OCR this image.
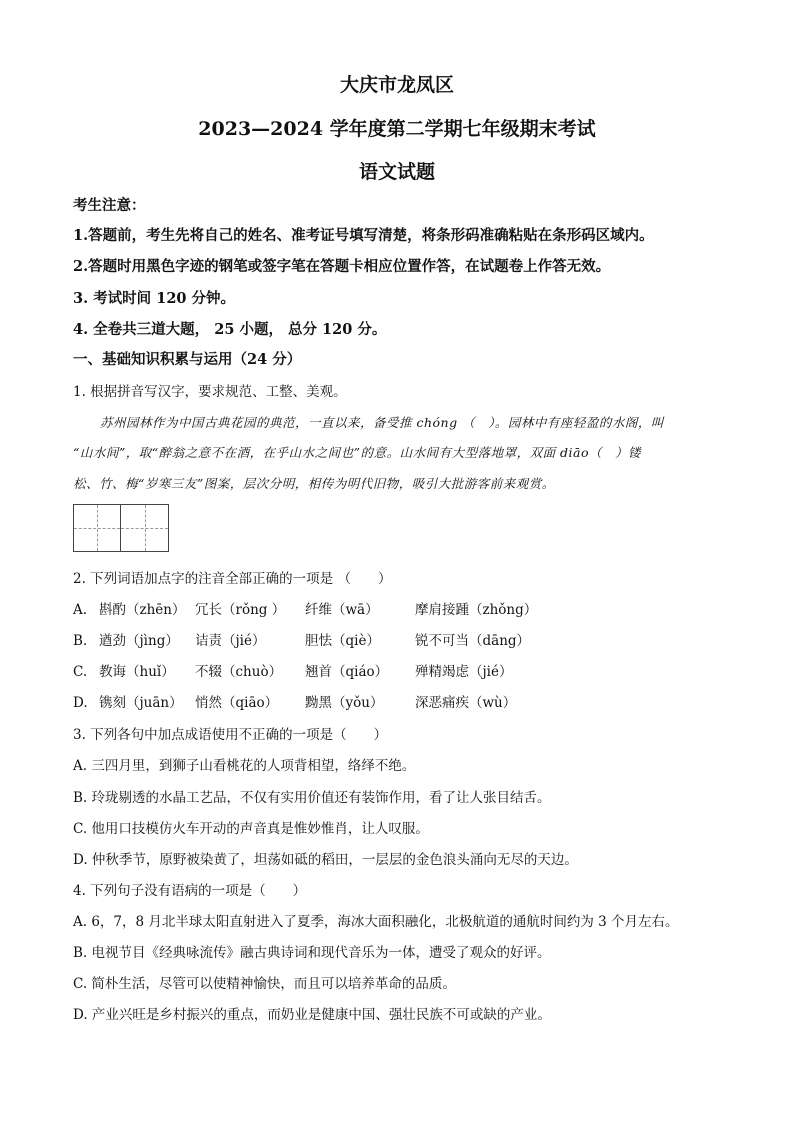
大庆市龙凤区
2023—2024 学年度第二学期七年级期末考试
语文试题
考生注意：
1.答题前，考生先将自己的姓名、准考证号填写清楚，将条形码准确粘贴在条形码区域内。
2.答题时用黑色字迹的钢笔或签字笔在答题卡相应位置作答，在试题卷上作答无效。
3. 考试时间 120 分钟。
4. 全卷共三道大题， 25 小题， 总分 120 分。
一、基础知识积累与运用（24 分）
1. 根据拼音写汉字，要求规范、工整、美观。
苏州园林作为中国古典花园的典范，一直以来，备受推 chóng （　）。园林中有座轻盈的水阁，叫
“山水间”，取“醉翁之意不在酒，在乎山水之间也”的意。山水间有大型落地罩，双面 diāo（　）镂
松、竹、梅“岁寒三友”图案，层次分明，相传为明代旧物，吸引大批游客前来观赏。
2. 下列词语加点字的注音全部正确的一项是 （　　）
A. 斟酌（zhēn） 冗长（rǒng ） 纤维（wā）	摩肩接踵（zhǒng）
B. 遒劲（jìng） 诘责（jié）	胆怯（qiè）	锐不可当（dāng）
C. 教诲（huǐ） 不辍（chuò） 翘首（qiáo） 殚精竭虑（jié）
D. 镌刻（juān） 悄然（qiāo） 黝黑（yǒu） 深恶痛疾（wù）
3. 下列各句中加点成语使用不正确的一项是（　　）
A. 三四月里，到狮子山看桃花的人项背相望，络绎不绝。
B. 玲珑剔透的水晶工艺品，不仅有实用价值还有装饰作用，看了让人张目结舌。
C. 他用口技模仿火车开动的声音真是惟妙惟肖，让人叹服。
D. 仲秋季节，原野被染黄了，坦荡如砥的稻田，一层层的金色浪头涌向无尽的天边。
4. 下列句子没有语病的一项是（　　）
A. 6，7，8 月北半球太阳直射进入了夏季，海冰大面积融化，北极航道的通航时间约为 3 个月左右。
B. 电视节目《经典咏流传》融古典诗词和现代音乐为一体，遭受了观众的好评。
C. 简朴生活，尽管可以使精神愉快，而且可以培养革命的品质。
D. 产业兴旺是乡村振兴的重点，而奶业是健康中国、强壮民族不可或缺的产业。
